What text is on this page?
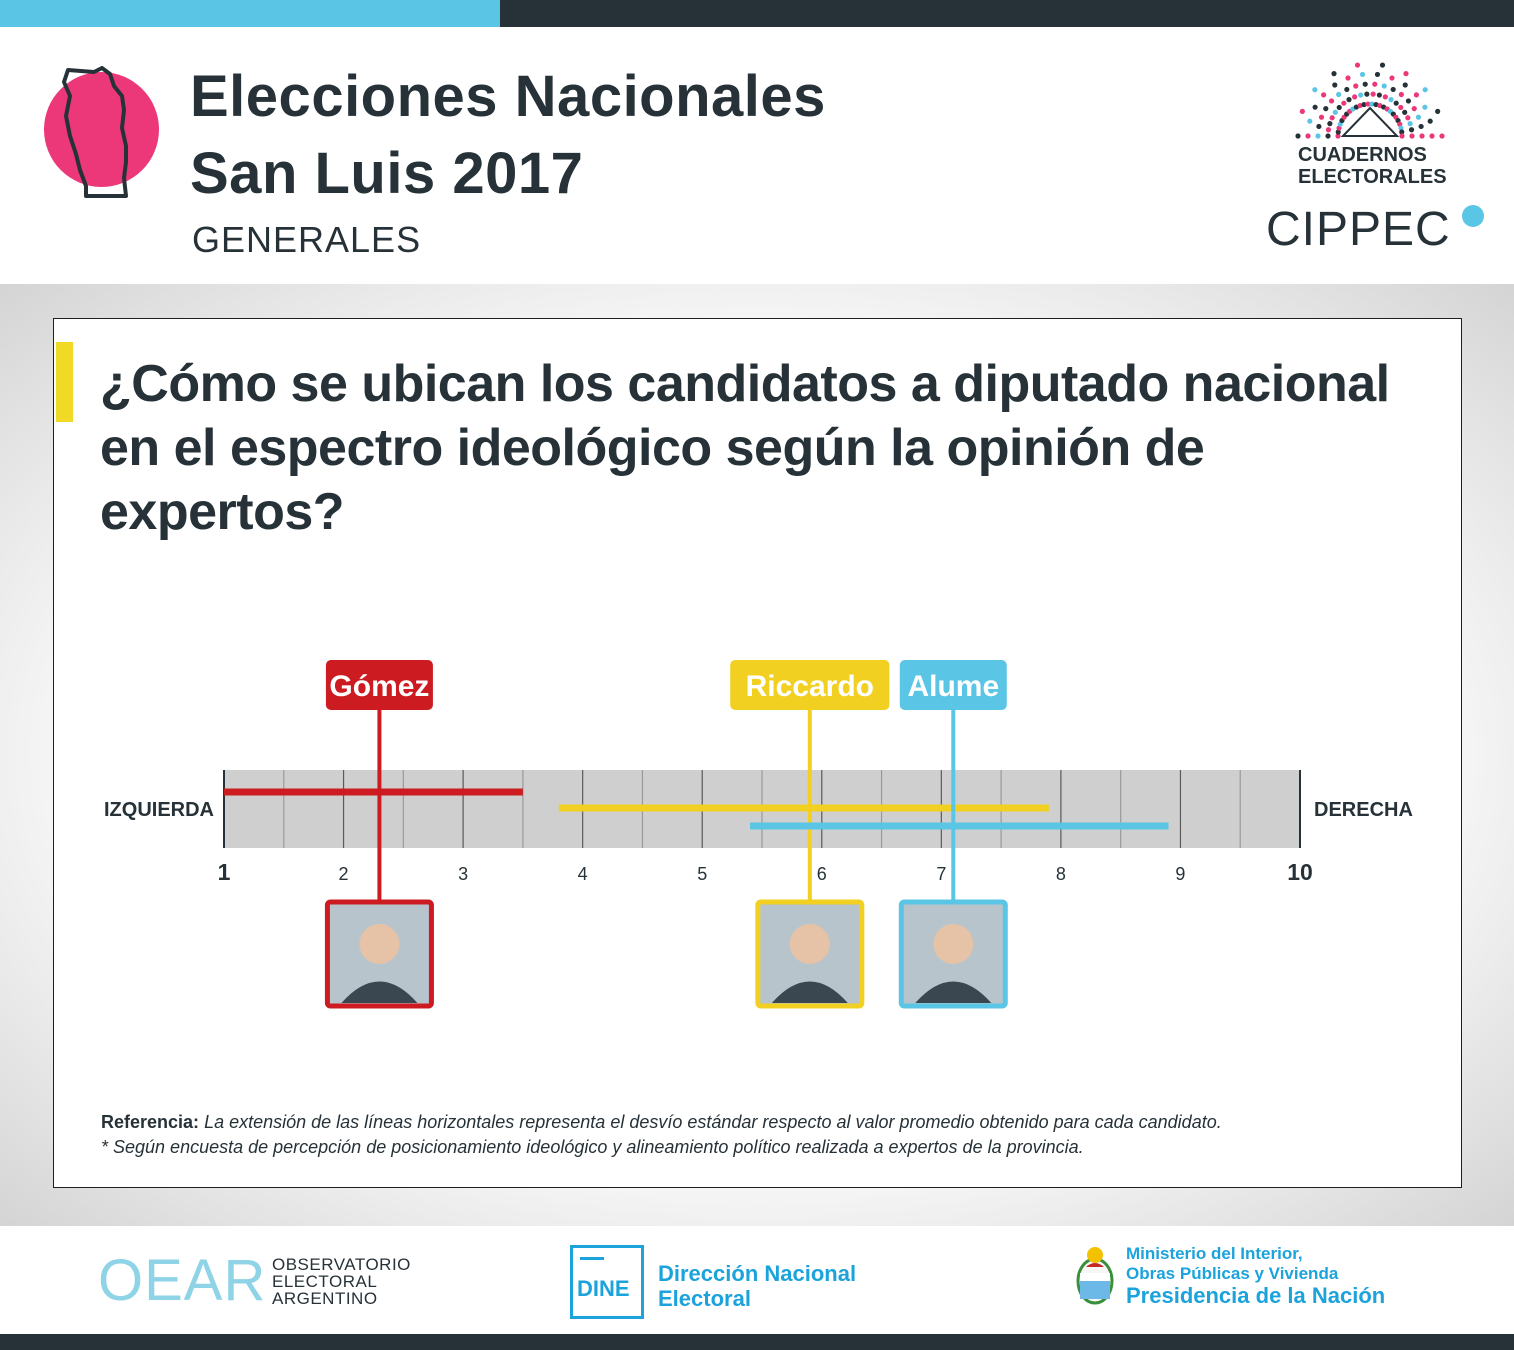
Elecciones Nacionales
San Luis 2017
GENERALES
CUADERNOS
ELECTORALES
CIPPEC
¿Cómo se ubican los candidatos a diputado nacional en el espectro ideológico según la opinión de expertos?
1	2	3	4	5	6	7	8	9	10
IZQUIERDA	DERECHA
Gómez	Riccardo Alume
Referencia: La extensión de las líneas horizontales representa el desvío estándar respecto al valor promedio obtenido para cada candidato.
* Según encuesta de percepción de posicionamiento ideológico y alineamiento político realizada a expertos de la provincia.
OEAR OBSERVATORIO
ELECTORAL
ARGENTINO	DINE
Dirección Nacional
Electoral
Ministerio del Interior,
Obras Públicas y Vivienda
Presidencia de la Nación
